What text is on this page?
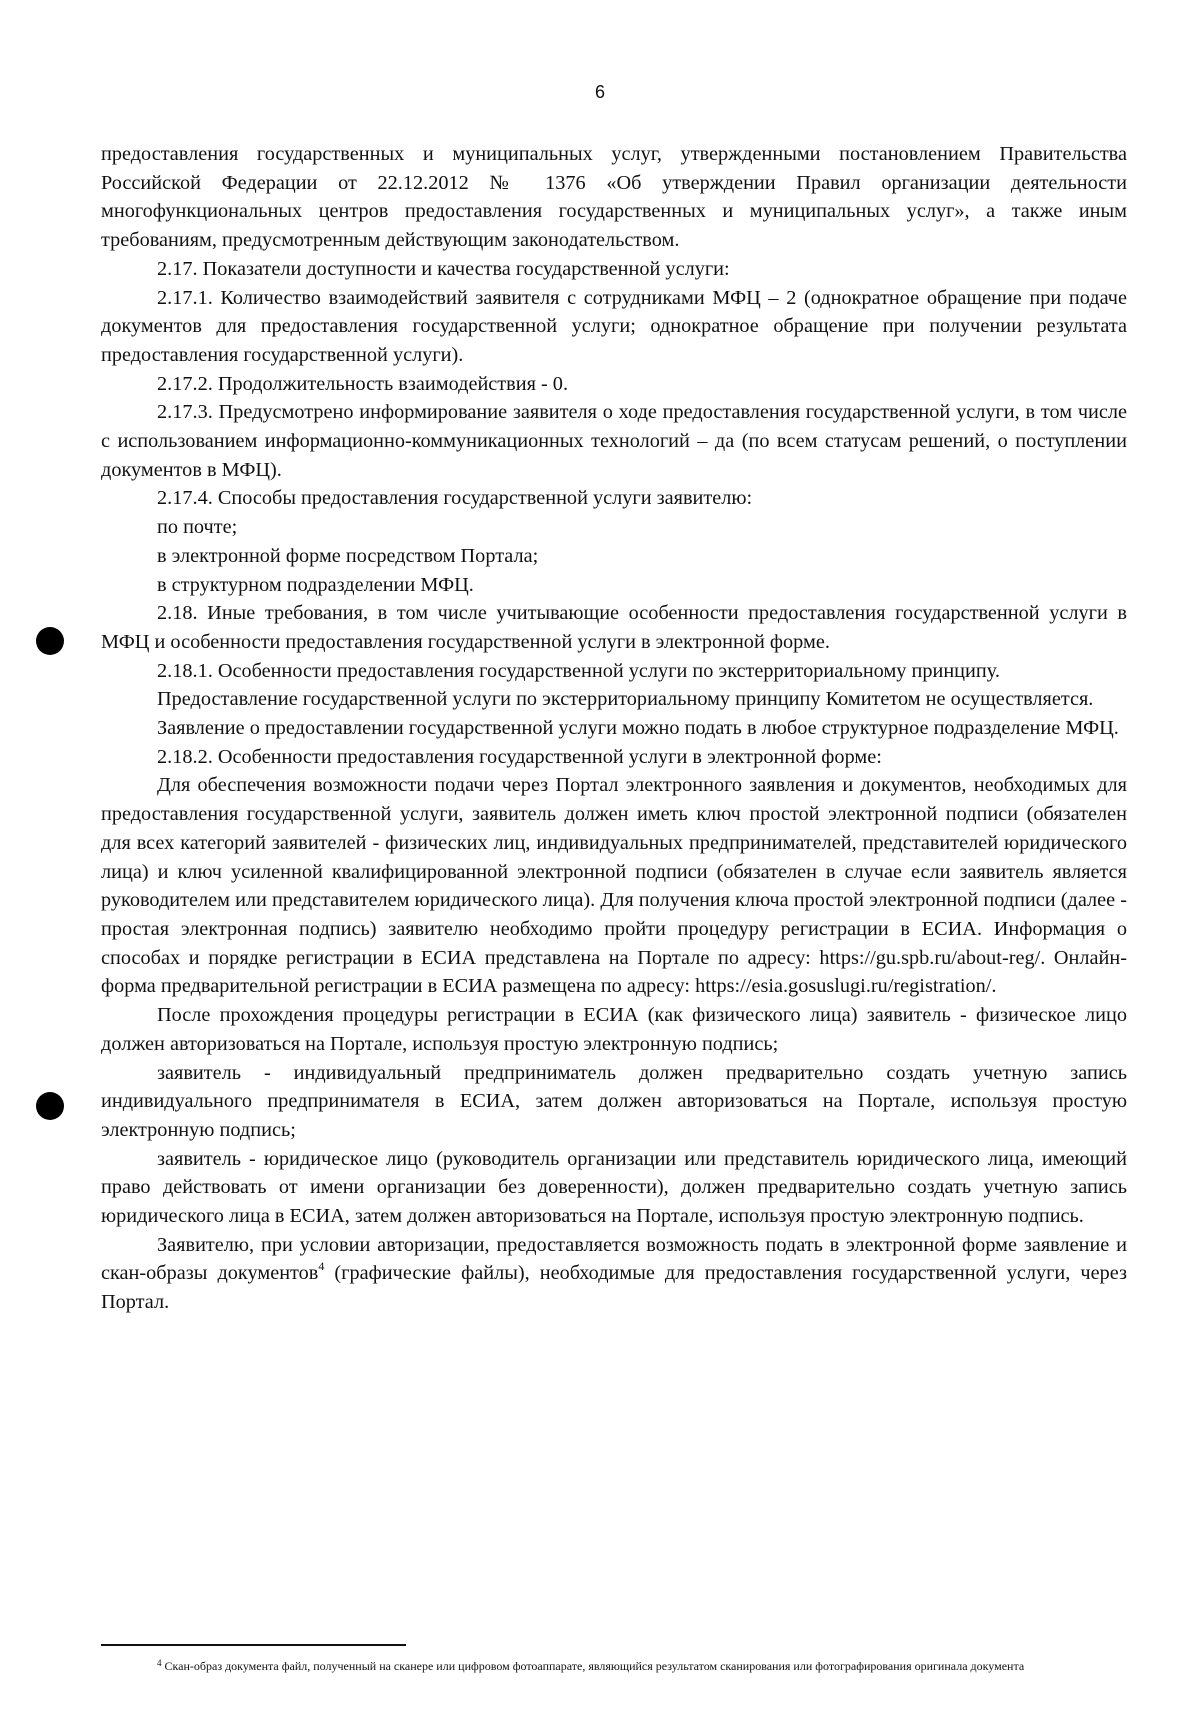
6

предоставления государственных и муниципальных услуг, утвержденными постановлением Правительства Российской Федерации от 22.12.2012 № 1376 «Об утверждении Правил организации деятельности многофункциональных центров предоставления государственных и муниципальных услуг», а также иным требованиям, предусмотренным действующим законодательством.

2.17. Показатели доступности и качества государственной услуги:

2.17.1. Количество взаимодействий заявителя с сотрудниками МФЦ – 2 (однократное обращение при подаче документов для предоставления государственной услуги; однократное обращение при получении результата предоставления государственной услуги).

2.17.2. Продолжительность взаимодействия - 0.

2.17.3. Предусмотрено информирование заявителя о ходе предоставления государственной услуги, в том числе с использованием информационно-коммуникационных технологий – да (по всем статусам решений, о поступлении документов в МФЦ).

2.17.4. Способы предоставления государственной услуги заявителю:

по почте;

в электронной форме посредством Портала;

в структурном подразделении МФЦ.

2.18. Иные требования, в том числе учитывающие особенности предоставления государственной услуги в МФЦ и особенности предоставления государственной услуги в электронной форме.

2.18.1. Особенности предоставления государственной услуги по экстерриториальному принципу.

Предоставление государственной услуги по экстерриториальному принципу Комитетом не осуществляется.

Заявление о предоставлении государственной услуги можно подать в любое структурное подразделение МФЦ.

2.18.2. Особенности предоставления государственной услуги в электронной форме:

Для обеспечения возможности подачи через Портал электронного заявления и документов, необходимых для предоставления государственной услуги, заявитель должен иметь ключ простой электронной подписи (обязателен для всех категорий заявителей - физических лиц, индивидуальных предпринимателей, представителей юридического лица) и ключ усиленной квалифицированной электронной подписи (обязателен в случае если заявитель является руководителем или представителем юридического лица). Для получения ключа простой электронной подписи (далее - простая электронная подпись) заявителю необходимо пройти процедуру регистрации в ЕСИА. Информация о способах и порядке регистрации в ЕСИА представлена на Портале по адресу: https://gu.spb.ru/about-reg/. Онлайн-форма предварительной регистрации в ЕСИА размещена по адресу: https://esia.gosuslugi.ru/registration/.

После прохождения процедуры регистрации в ЕСИА (как физического лица) заявитель - физическое лицо должен авторизоваться на Портале, используя простую электронную подпись;

заявитель - индивидуальный предприниматель должен предварительно создать учетную запись индивидуального предпринимателя в ЕСИА, затем должен авторизоваться на Портале, используя простую электронную подпись;

заявитель - юридическое лицо (руководитель организации или представитель юридического лица, имеющий право действовать от имени организации без доверенности), должен предварительно создать учетную запись юридического лица в ЕСИА, затем должен авторизоваться на Портале, используя простую электронную подпись.

Заявителю, при условии авторизации, предоставляется возможность подать в электронной форме заявление и скан-образы документов$^4$ (графические файлы), необходимые для предоставления государственной услуги, через Портал.

$^4$ Скан-образ документа файл, полученный на сканере или цифровом фотоаппарате, являющийся результатом сканирования или фотографирования оригинала документа
